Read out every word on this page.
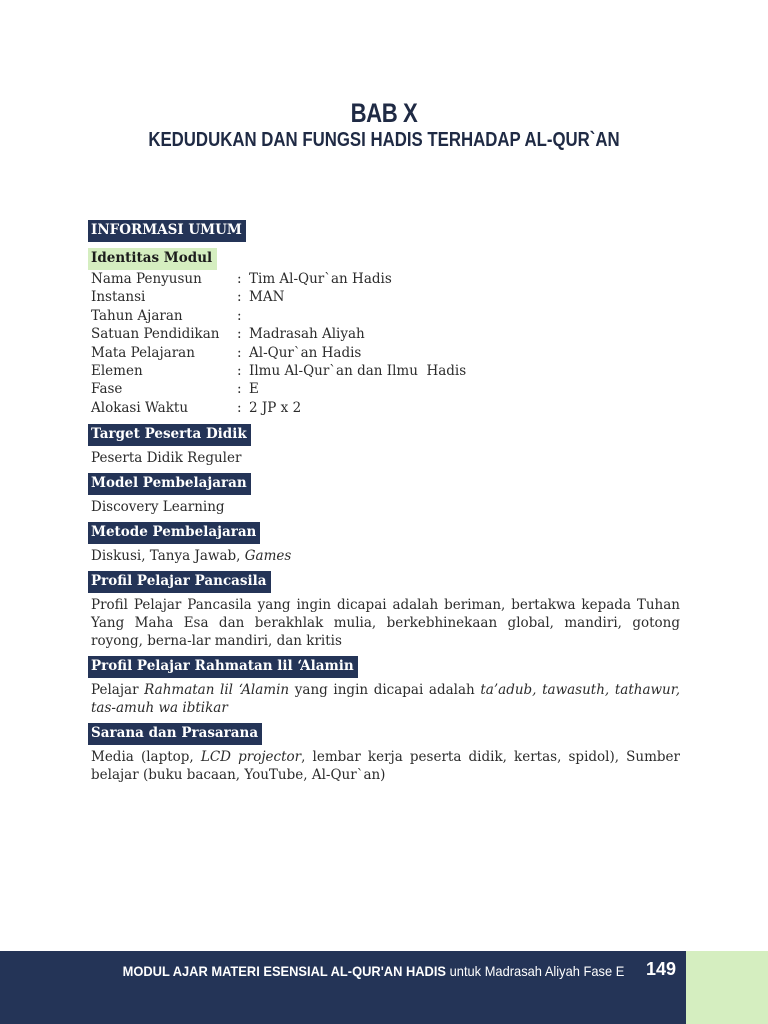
BAB X
KEDUDUKAN DAN FUNGSI HADIS TERHADAP AL-QUR`AN
INFORMASI UMUM
Identitas Modul
Nama Penyusun	: Tim Al-Qur`an Hadis
Instansi	: MAN
Tahun Ajaran	:
Satuan Pendidikan	: Madrasah Aliyah
Mata Pelajaran	: Al-Qur`an Hadis
Elemen	: Ilmu Al-Qur`an dan Ilmu  Hadis
Fase	: E
Alokasi Waktu	: 2 JP x 2
Target Peserta Didik
Peserta Didik Reguler
Model Pembelajaran
Discovery Learning
Metode Pembelajaran
Diskusi, Tanya Jawab, Games
Profil Pelajar Pancasila
Profil Pelajar Pancasila yang ingin dicapai adalah beriman, bertakwa kepada Tuhan Yang Maha Esa dan berakhlak mulia, berkebhinekaan global, mandiri, gotong royong, berna-lar mandiri, dan kritis
Profil Pelajar Rahmatan lil ‘Alamin
Pelajar Rahmatan lil ‘Alamin yang ingin dicapai adalah ta’adub, tawasuth, tathawur, tas-amuh wa ibtikar
Sarana dan Prasarana
Media (laptop, LCD projector, lembar kerja peserta didik, kertas, spidol), Sumber belajar (buku bacaan, YouTube, Al-Qur`an)
MODUL AJAR MATERI ESENSIAL AL-QUR'AN HADIS untuk Madrasah Aliyah Fase E 149
